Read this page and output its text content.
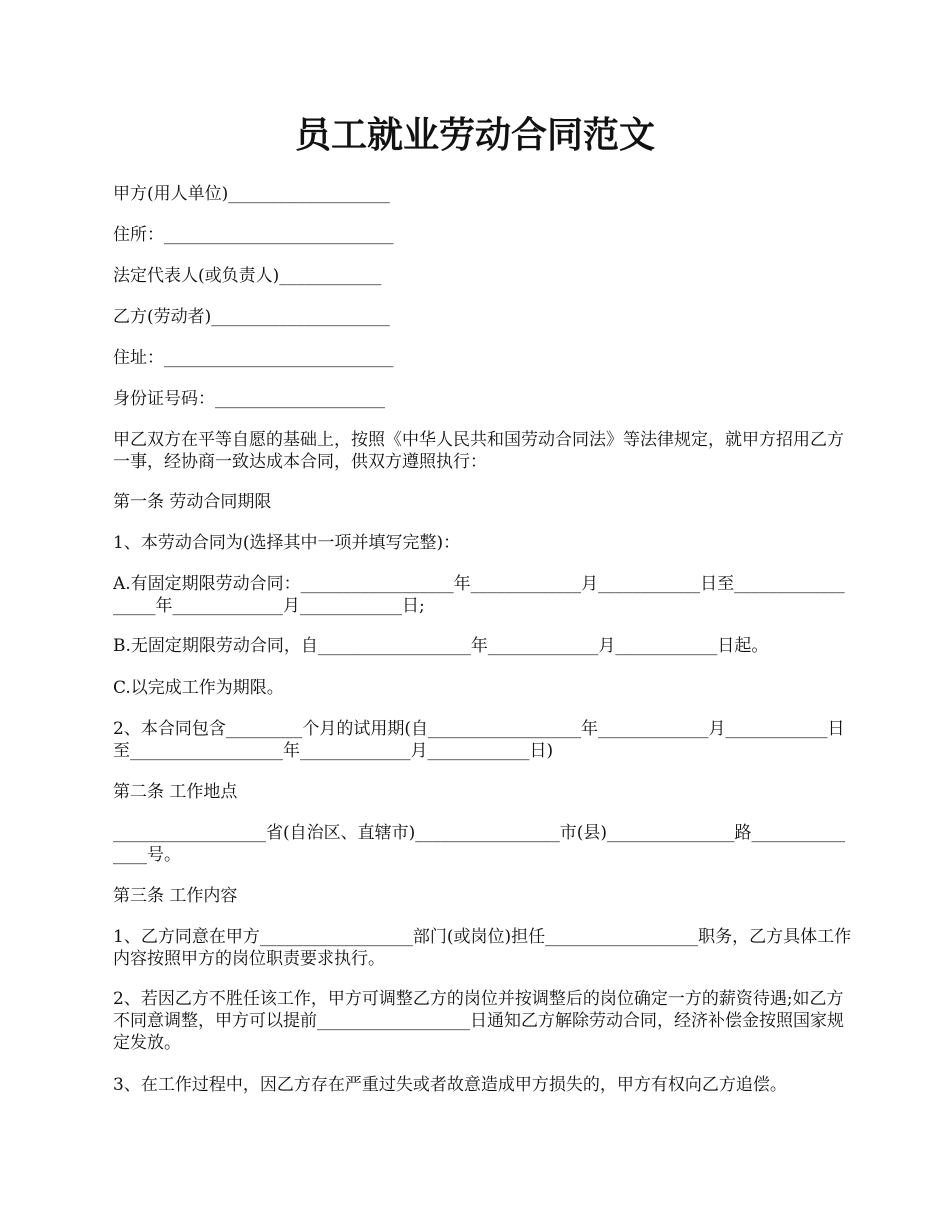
员工就业劳动合同范文

甲方(用人单位)___________________

住所：___________________________

法定代表人(或负责人)____________

乙方(劳动者)_____________________

住址：___________________________

身份证号码：____________________

甲乙双方在平等自愿的基础上，按照《中华人民共和国劳动合同法》等法律规定，就甲方招用乙方一事，经协商一致达成本合同，供双方遵照执行：

第一条 劳动合同期限

1、本劳动合同为(选择其中一项并填写完整)：

A.有固定期限劳动合同：__________________年_____________月____________日至__________________年_____________月____________日;

B.无固定期限劳动合同，自__________________年_____________月____________日起。

C.以完成工作为期限。

2、本合同包含_________个月的试用期(自__________________年_____________月____________日至__________________年_____________月____________日)

第二条 工作地点

__________________省(自治区、直辖市)_________________市(县)_______________路_______________号。

第三条 工作内容

1、乙方同意在甲方__________________部门(或岗位)担任__________________职务，乙方具体工作内容按照甲方的岗位职责要求执行。

2、若因乙方不胜任该工作，甲方可调整乙方的岗位并按调整后的岗位确定一方的薪资待遇;如乙方不同意调整，甲方可以提前__________________日通知乙方解除劳动合同，经济补偿金按照国家规定发放。

3、在工作过程中，因乙方存在严重过失或者故意造成甲方损失的，甲方有权向乙方追偿。
